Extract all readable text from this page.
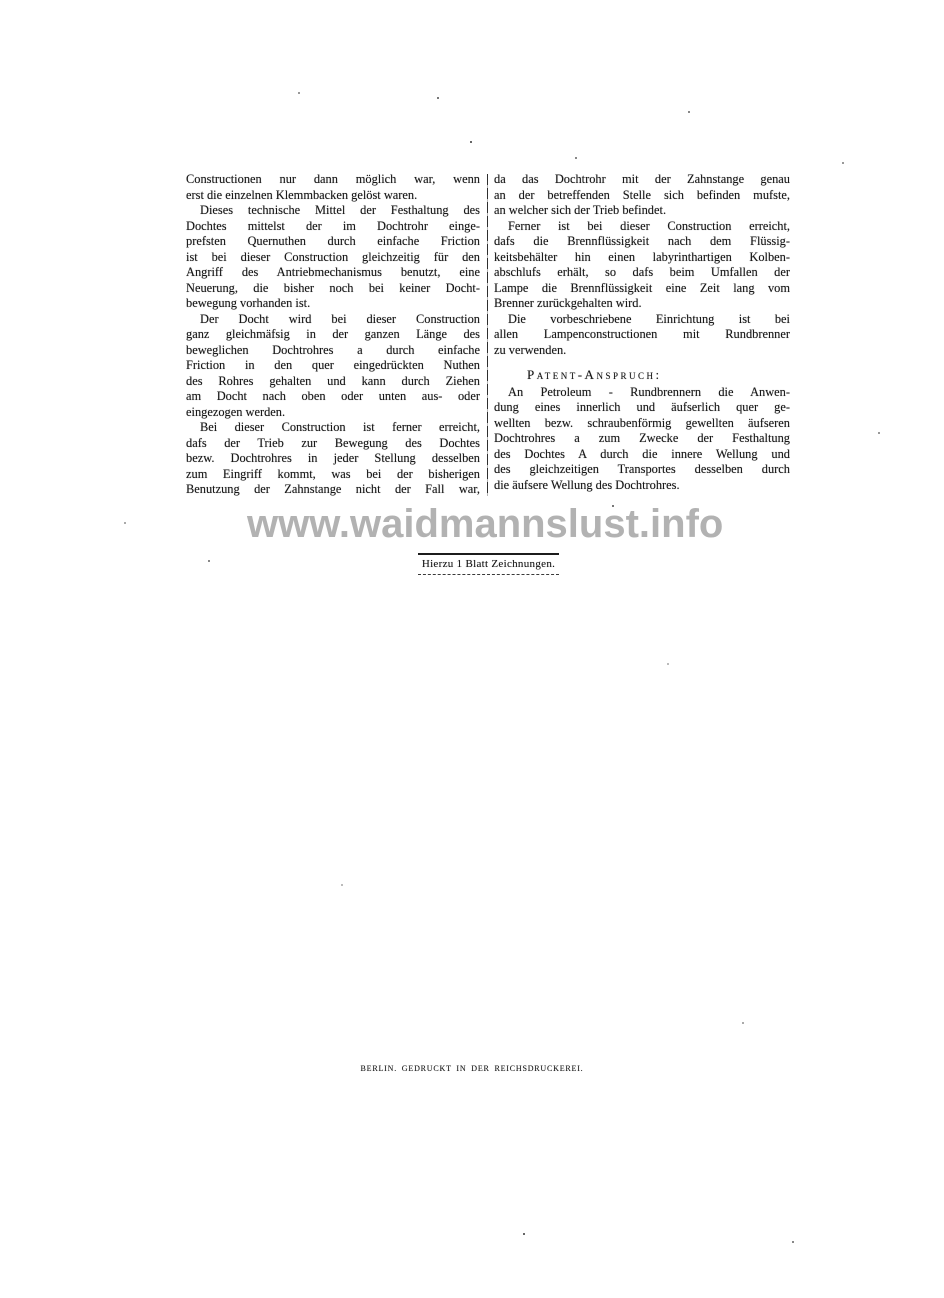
Constructionen nur dann möglich war, wenn
erst die einzelnen Klemmbacken gelöst waren.
Dieses technische Mittel der Festhaltung des
Dochtes mittelst der im Dochtrohr einge-
prefsten Quernuthen durch einfache Friction
ist bei dieser Construction gleichzeitig für den
Angriff des Antriebmechanismus benutzt, eine
Neuerung, die bisher noch bei keiner Docht-
bewegung vorhanden ist.
Der Docht wird bei dieser Construction
ganz gleichmäfsig in der ganzen Länge des
beweglichen Dochtrohres a durch einfache
Friction in den quer eingedrückten Nuthen
des Rohres gehalten und kann durch Ziehen
am Docht nach oben oder unten aus- oder
eingezogen werden.
Bei dieser Construction ist ferner erreicht,
dafs der Trieb zur Bewegung des Dochtes
bezw. Dochtrohres in jeder Stellung desselben
zum Eingriff kommt, was bei der bisherigen
Benutzung der Zahnstange nicht der Fall war,
da das Dochtrohr mit der Zahnstange genau
an der betreffenden Stelle sich befinden mufste,
an welcher sich der Trieb befindet.
Ferner ist bei dieser Construction erreicht,
dafs die Brennflüssigkeit nach dem Flüssig-
keitsbehälter hin einen labyrinthartigen Kolben-
abschlufs erhält, so dafs beim Umfallen der
Lampe die Brennflüssigkeit eine Zeit lang vom
Brenner zurückgehalten wird.
Die vorbeschriebene Einrichtung ist bei
allen Lampenconstructionen mit Rundbrenner
zu verwenden.
Patent-Anspruch:
An Petroleum - Rundbrennern die Anwen-
dung eines innerlich und äufserlich quer ge-
wellten bezw. schraubenförmig gewellten äufseren
Dochtrohres a zum Zwecke der Festhaltung
des Dochtes A durch die innere Wellung und
des gleichzeitigen Transportes desselben durch
die äufsere Wellung des Dochtrohres.
www.waidmannslust.info
Hierzu 1 Blatt Zeichnungen.
BERLIN. GEDRUCKT IN DER REICHSDRUCKEREI.
